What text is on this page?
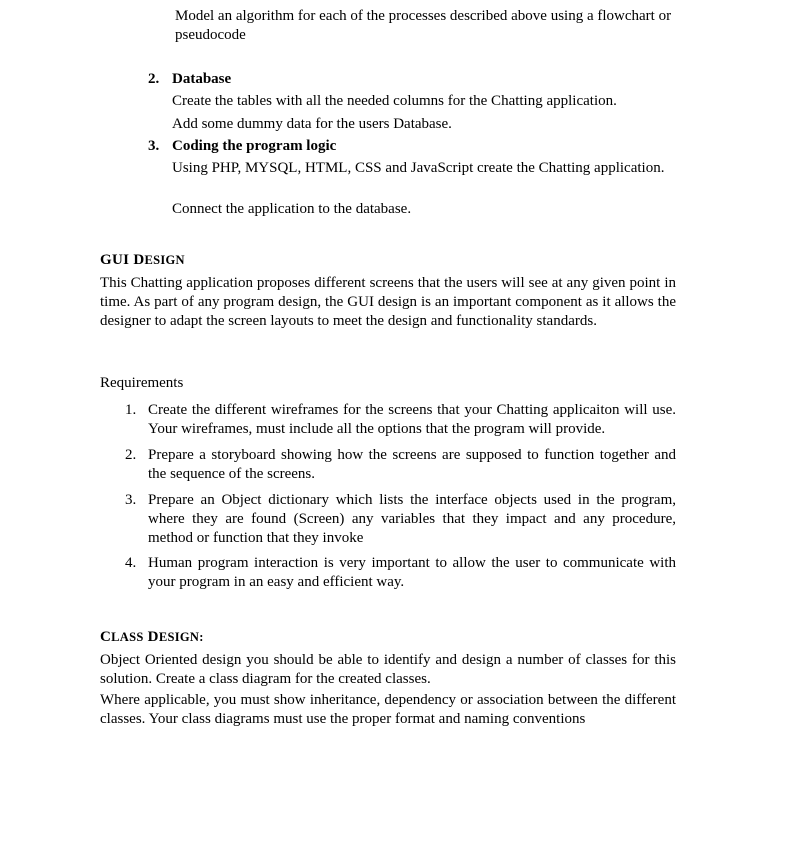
Model an algorithm for each of the processes described above using a flowchart or pseudocode

2. Database

Create the tables with all the needed columns for the Chatting application.

Add some dummy data for the users Database.

3. Coding the program logic

Using PHP, MYSQL, HTML, CSS and JavaScript create the Chatting application.

Connect the application to the database.

GUI DESIGN

This Chatting application proposes different screens that the users will see at any given point in time. As part of any program design, the GUI design is an important component as it allows the designer to adapt the screen layouts to meet the design and functionality standards.

Requirements

1. Create the different wireframes for the screens that your Chatting applicaiton will use. Your wireframes, must include all the options that the program will provide.

2. Prepare a storyboard showing how the screens are supposed to function together and the sequence of the screens.

3. Prepare an Object dictionary which lists the interface objects used in the program, where they are found (Screen) any variables that they impact and any procedure, method or function that they invoke

4. Human program interaction is very important to allow the user to communicate with your program in an easy and efficient way.

CLASS DESIGN:

Object Oriented design you should be able to identify and design a number of classes for this solution. Create a class diagram for the created classes.

Where applicable, you must show inheritance, dependency or association between the different classes. Your class diagrams must use the proper format and naming conventions
